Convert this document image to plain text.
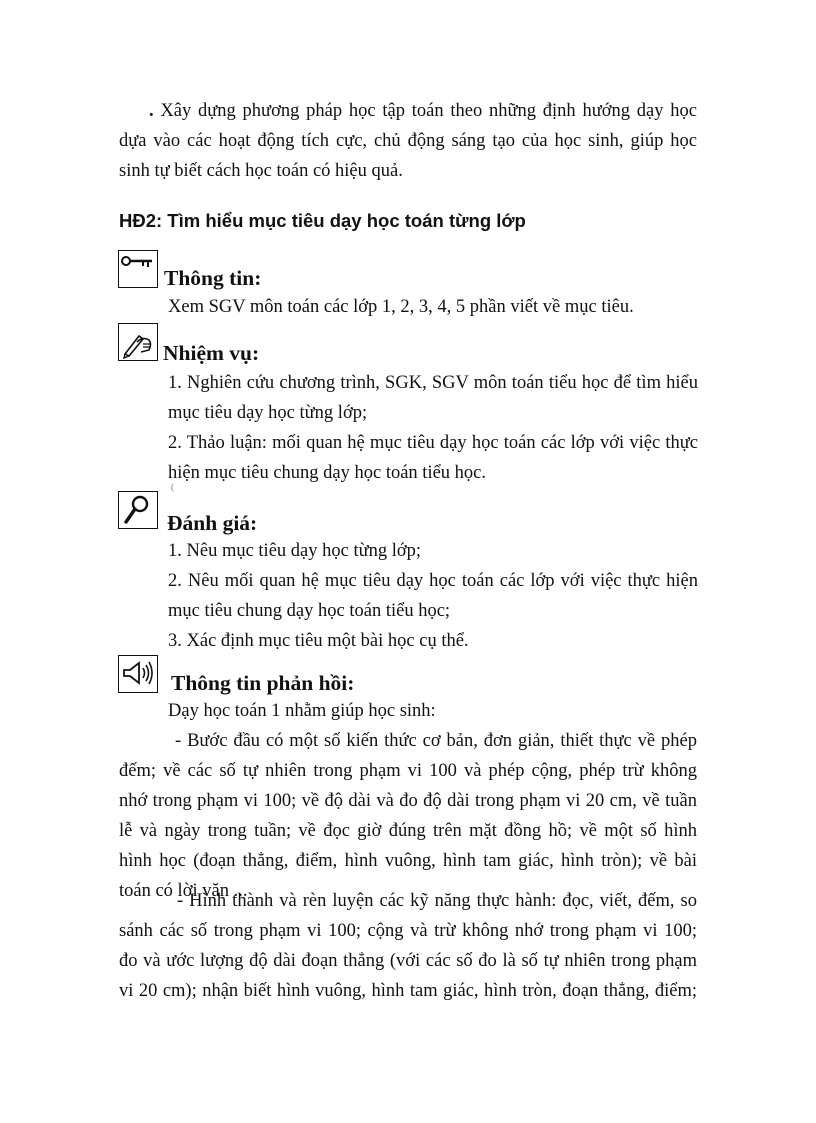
. Xây dựng phương pháp học tập toán theo những định hướng dạy học
dựa vào các hoạt động tích cực, chủ động sáng tạo của học sinh, giúp học
sinh tự biết cách học toán có hiệu quả.
HĐ2: Tìm hiểu mục tiêu dạy học toán từng lớp
Thông tin:
Xem SGV môn toán các lớp 1, 2, 3, 4, 5 phần viết về mục tiêu.
Nhiệm vụ:
1. Nghiên cứu chương trình, SGK, SGV môn toán tiểu học để tìm hiểu
mục tiêu dạy học từng lớp;
2. Thảo luận: mối quan hệ mục tiêu dạy học toán các lớp với việc thực
hiện mục tiêu chung dạy học toán tiểu học.
(
Đánh giá:
1. Nêu mục tiêu dạy học từng lớp;
2. Nêu mối quan hệ mục tiêu dạy học toán các lớp với việc thực hiện
mục tiêu chung dạy học toán tiểu học;
3. Xác định mục tiêu một bài học cụ thể.
Thông tin phản hồi:
Dạy học toán 1 nhằm giúp học sinh:
- Bước đầu có một số kiến thức cơ bản, đơn giản, thiết thực về phép
đếm; về các số tự nhiên trong phạm vi 100 và phép cộng, phép trừ không
nhớ trong phạm vi 100; về độ dài và đo độ dài trong phạm vi 20 cm, về tuần
lễ và ngày trong tuần; về đọc giờ đúng trên mặt đồng hồ; về một số hình
hình học (đoạn thẳng, điểm, hình vuông, hình tam giác, hình tròn); về bài
toán có lời văn ...
- Hình thành và rèn luyện các kỹ năng thực hành: đọc, viết, đếm, so
sánh các số trong phạm vi 100; cộng và trừ không nhớ trong phạm vi 100;
đo và ước lượng độ dài đoạn thẳng (với các số đo là số tự nhiên trong phạm
vi 20 cm); nhận biết hình vuông, hình tam giác, hình tròn, đoạn thẳng, điểm;
